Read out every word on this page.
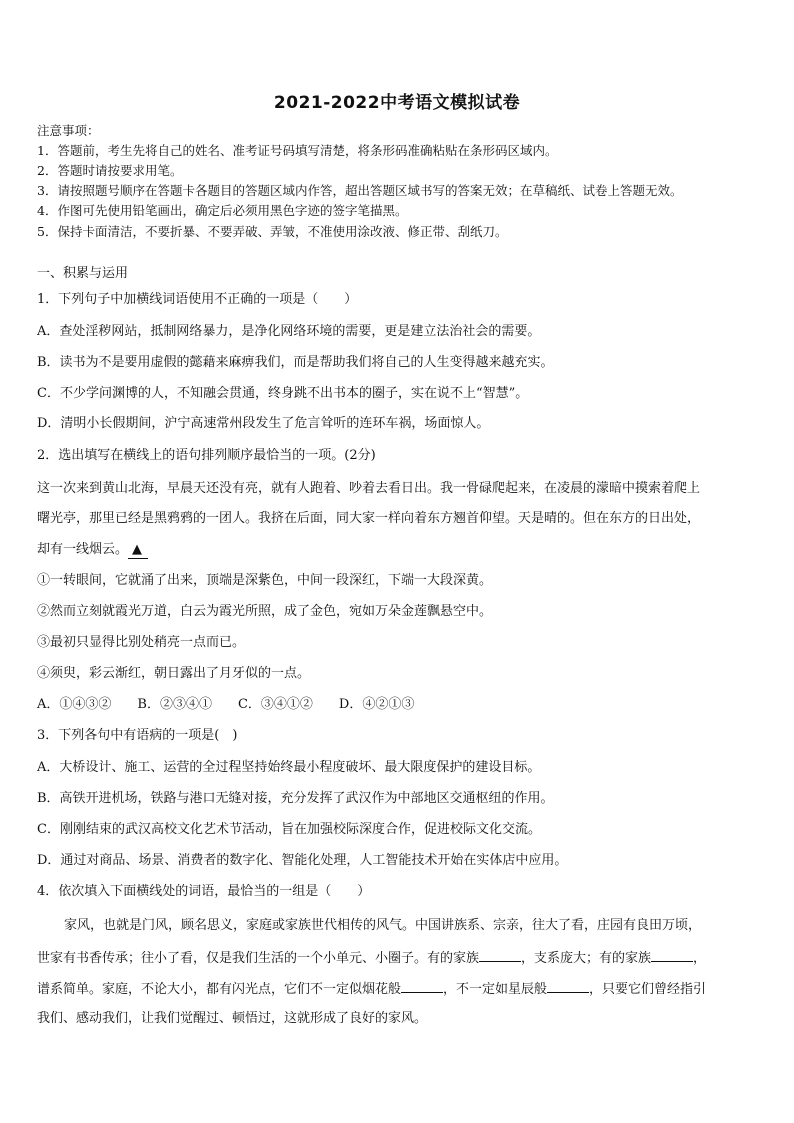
2021-2022中考语文模拟试卷
注意事项：
1．答题前，考生先将自己的姓名、准考证号码填写清楚，将条形码准确粘贴在条形码区域内。
2．答题时请按要求用笔。
3．请按照题号顺序在答题卡各题目的答题区域内作答，超出答题区域书写的答案无效；在草稿纸、试卷上答题无效。
4．作图可先使用铅笔画出，确定后必须用黑色字迹的签字笔描黑。
5．保持卡面清洁，不要折暴、不要弄破、弄皱，不准使用涂改液、修正带、刮纸刀。
一、积累与运用
1．下列句子中加横线词语使用不正确的一项是（　　）
A．查处淫秽网站，抵制网络暴力，是净化网络环境的需要，更是建立法治社会的需要。
B．读书为不是要用虚假的懿藉来麻痹我们，而是帮助我们将自己的人生变得越来越充实。
C．不少学问渊博的人，不知融会贯通，终身跳不出书本的圈子，实在说不上“智慧”。
D．清明小长假期间，沪宁高速常州段发生了危言耸听的连环车祸，场面惊人。
2．选出填写在横线上的语句排列顺序最恰当的一项。(2分)
这一次来到黄山北海，早晨天还没有亮，就有人跑着、吵着去看日出。我一骨碌爬起来，在凌晨的濛暗中摸索着爬上
曙光亭，那里已经是黑鸦鸦的一团人。我挤在后面，同大家一样向着东方翘首仰望。天是晴的。但在东方的日出处，
却有一线烟云。 ▲
①一转眼间，它就涌了出来，顶端是深紫色，中间一段深红，下端一大段深黄。
②然而立刻就霞光万道，白云为霞光所照，成了金色，宛如万朵金莲飘悬空中。
③最初只显得比别处稍亮一点而已。
④须臾，彩云渐红，朝日露出了月牙似的一点。
A．①④③② B．②③④① C．③④①② D．④②①③
3．下列各句中有语病的一项是(　)
A．大桥设计、施工、运营的全过程坚持始终最小程度破坏、最大限度保护的建设目标。
B．高铁开进机场，铁路与港口无缝对接，充分发挥了武汉作为中部地区交通枢纽的作用。
C．刚刚结束的武汉高校文化艺术节活动，旨在加强校际深度合作，促进校际文化交流。
D．通过对商品、场景、消费者的数字化、智能化处理，人工智能技术开始在实体店中应用。
4．依次填入下面横线处的词语，最恰当的一组是（　　）
家风，也就是门风，顾名思义，家庭或家族世代相传的风气。中国讲族系、宗亲，往大了看，庄园有良田万顷，
世家有书香传承；往小了看，仅是我们生活的一个小单元、小圈子。有的家族	，支系庞大；有的家族	，
谱系简单。家庭，不论大小，都有闪光点，它们不一定似烟花般	，不一定如星辰般	，只要它们曾经指引
我们、感动我们，让我们觉醒过、顿悟过，这就形成了良好的家风。
